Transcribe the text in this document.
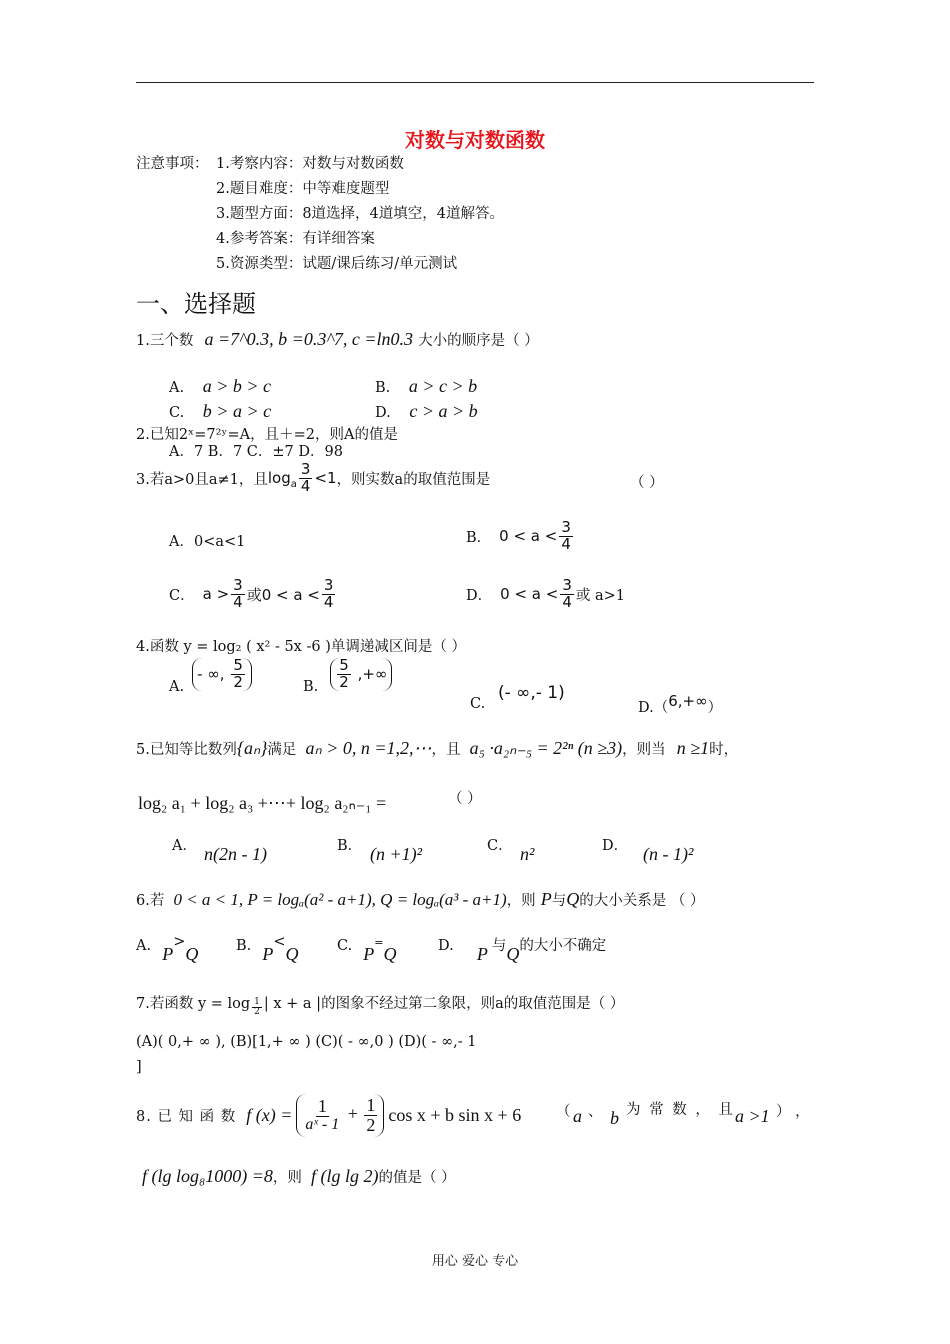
对数与对数函数
注意事项： 1.考察内容：对数与对数函数
2.题目难度：中等难度题型
3.题型方面：8道选择，4道填空，4道解答。
4.参考答案：有详细答案
5.资源类型：试题/课后练习/单元测试
一、选择题
1.三个数 a =7^0.3, b =0.3^7, c =ln0.3 大小的顺序是（ ）
A. a > b > c	B. a > c > b
C. b > a > c	D. c > a > b
2.已知2ˣ=7²ʸ=A，且＋=2，则A的值是
A．7 B．7 C．±7 D．98
3.若a>0且a≠1，且 log a $\frac{3}{4} <1$ ，则实数a的取值范围是	（ ）
A．0<a<1	B． $0 < a < \frac{3}{4}$
C． $a > \frac{3}{4}$ 或$0 < a < \frac{3}{4}$	D． $0 < a < \frac{3}{4}$ 或 a>1
4.函数 y = log₂ ( x² - 5x -6 )单调递减区间是（ ）
A.
- ∞, $\frac{5}{2}$	B. $\frac{5}{2}$ ,+∞
C.
(- ∞,- 1)
D.（6,+∞）
5.已知等比数列{aₙ}满足 aₙ > 0, n =1,2,⋯，且 a₅ ·a₂ₙ₋₅ = 2²ⁿ (n ≥3)，则当 n ≥1时，
log₂ a₁ + log₂ a₃ +⋯+ log₂ a₂ₙ₋₁ =	（ ）
A． n(2n - 1)	B． (n +1)²	C． n²	D． (n - 1)²
6.若 0 < a < 1, P = logₐ(a² - a+1), Q = logₐ(a³ - a+1)，则 P与Q的大小关系是 （ ）
A. P>Q	B. P<Q	C. P=Q	D. P 与Q的大小不确定
7.若函数 $y = \log \frac{1}{2}$ | x + a |的图象不经过第二象限，则a的取值范围是（ ）
(A)( 0,+ ∞ ), (B)[1,+ ∞ ) (C)( - ∞,0 ) (D)( - ∞,- 1
]
8. 已 知 函 数 f $(x) = \frac{1}{\text{aˣ - 1}} + \frac{1}{2}$ cos x + b sin x + 6 （ a 、 b 为 常 数 ， 且 a >1 ） ，
f (lg log₈1000) =8，则 f (lg lg 2)的值是（ ）
用心 爱心 专心
